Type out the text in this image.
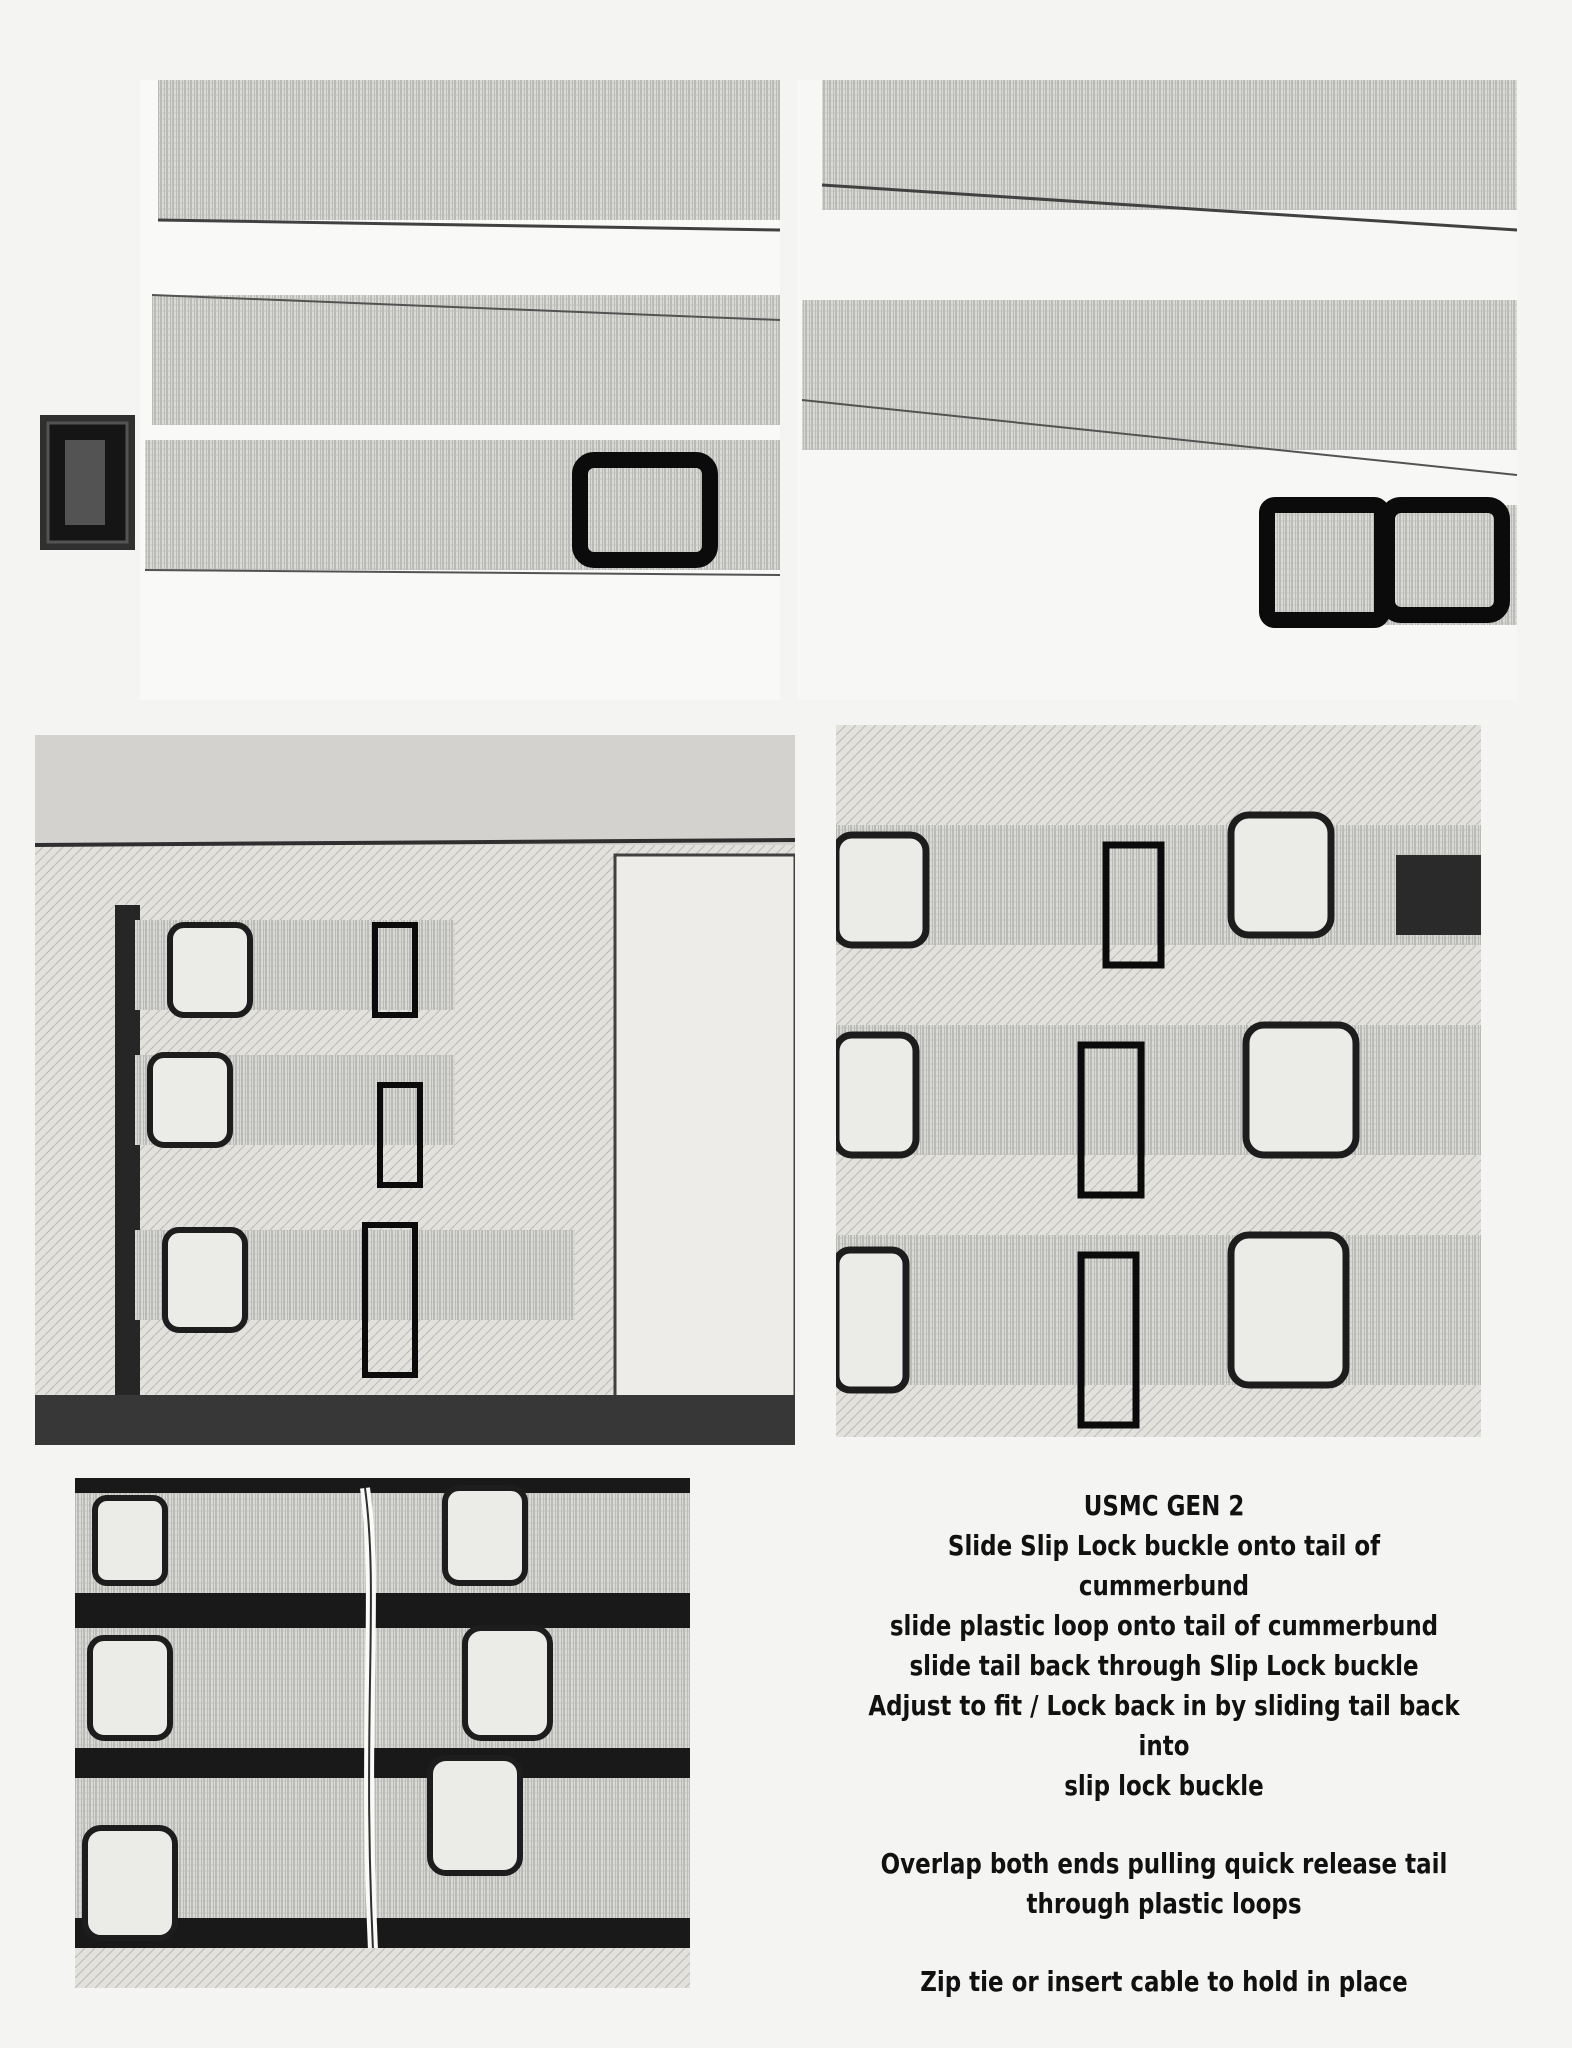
USMC GEN 2

Slide Slip Lock buckle onto tail of cummerbund

slide plastic loop onto tail of cummerbund

slide tail back through Slip Lock buckle

Adjust to fit / Lock back in by sliding tail back into

slip lock buckle

Overlap both ends pulling quick release tail

through plastic loops

Zip tie or insert cable to hold in place
